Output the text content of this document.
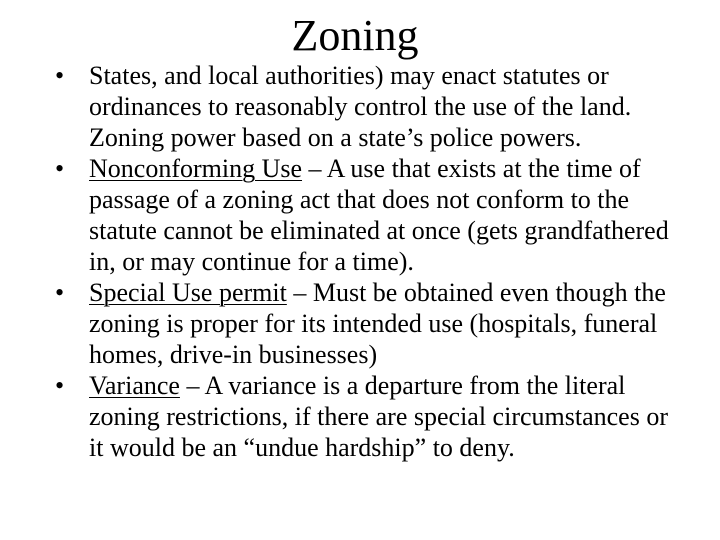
Zoning
• States, and local authorities) may enact statutes or ordinances to reasonably control the use of the land. Zoning power based on a state’s police powers.
• Nonconforming Use – A use that exists at the time of passage of a zoning act that does not conform to the statute cannot be eliminated at once (gets grandfathered in, or may continue for a time).
• Special Use permit – Must be obtained even though the zoning is proper for its intended use (hospitals, funeral homes, drive-in businesses)
• Variance – A variance is a departure from the literal zoning restrictions, if there are special circumstances or it would be an “undue hardship” to deny.
